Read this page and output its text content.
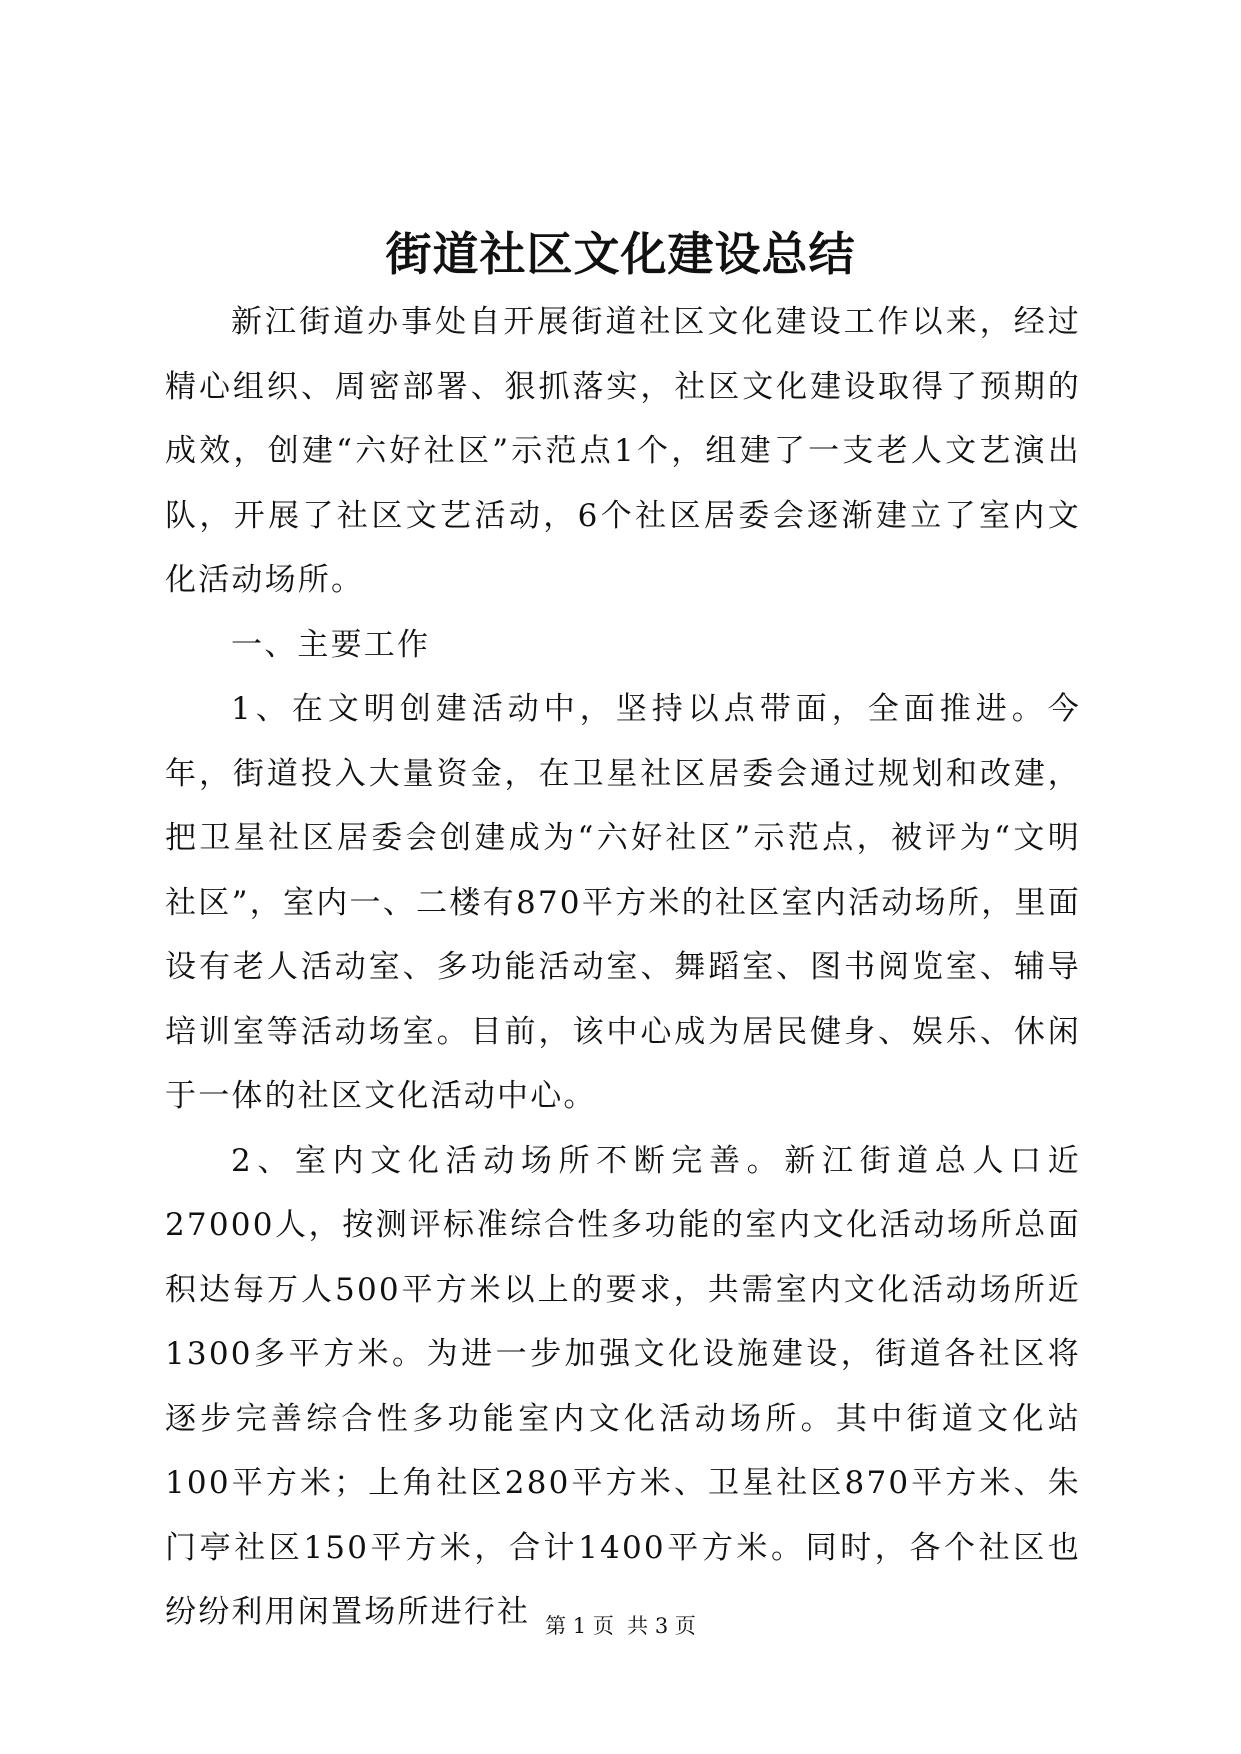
街道社区文化建设总结

新江街道办事处自开展街道社区文化建设工作以来，经过精心组织、周密部署、狠抓落实，社区文化建设取得了预期的成效，创建“六好社区”示范点1个，组建了一支老人文艺演出队，开展了社区文艺活动，6个社区居委会逐渐建立了室内文化活动场所。

一、主要工作

1、在文明创建活动中，坚持以点带面，全面推进。今年，街道投入大量资金，在卫星社区居委会通过规划和改建，把卫星社区居委会创建成为“六好社区”示范点，被评为“文明社区”，室内一、二楼有870平方米的社区室内活动场所，里面设有老人活动室、多功能活动室、舞蹈室、图书阅览室、辅导培训室等活动场室。目前，该中心成为居民健身、娱乐、休闲于一体的社区文化活动中心。

2、室内文化活动场所不断完善。新江街道总人口近27000人，按测评标准综合性多功能的室内文化活动场所总面积达每万人500平方米以上的要求，共需室内文化活动场所近1300多平方米。为进一步加强文化设施建设，街道各社区将逐步完善综合性多功能室内文化活动场所。其中街道文化站100平方米；上角社区280平方米、卫星社区870平方米、朱门亭社区150平方米，合计1400平方米。同时，各个社区也纷纷利用闲置场所进行社 第 1 页  共 3 页
